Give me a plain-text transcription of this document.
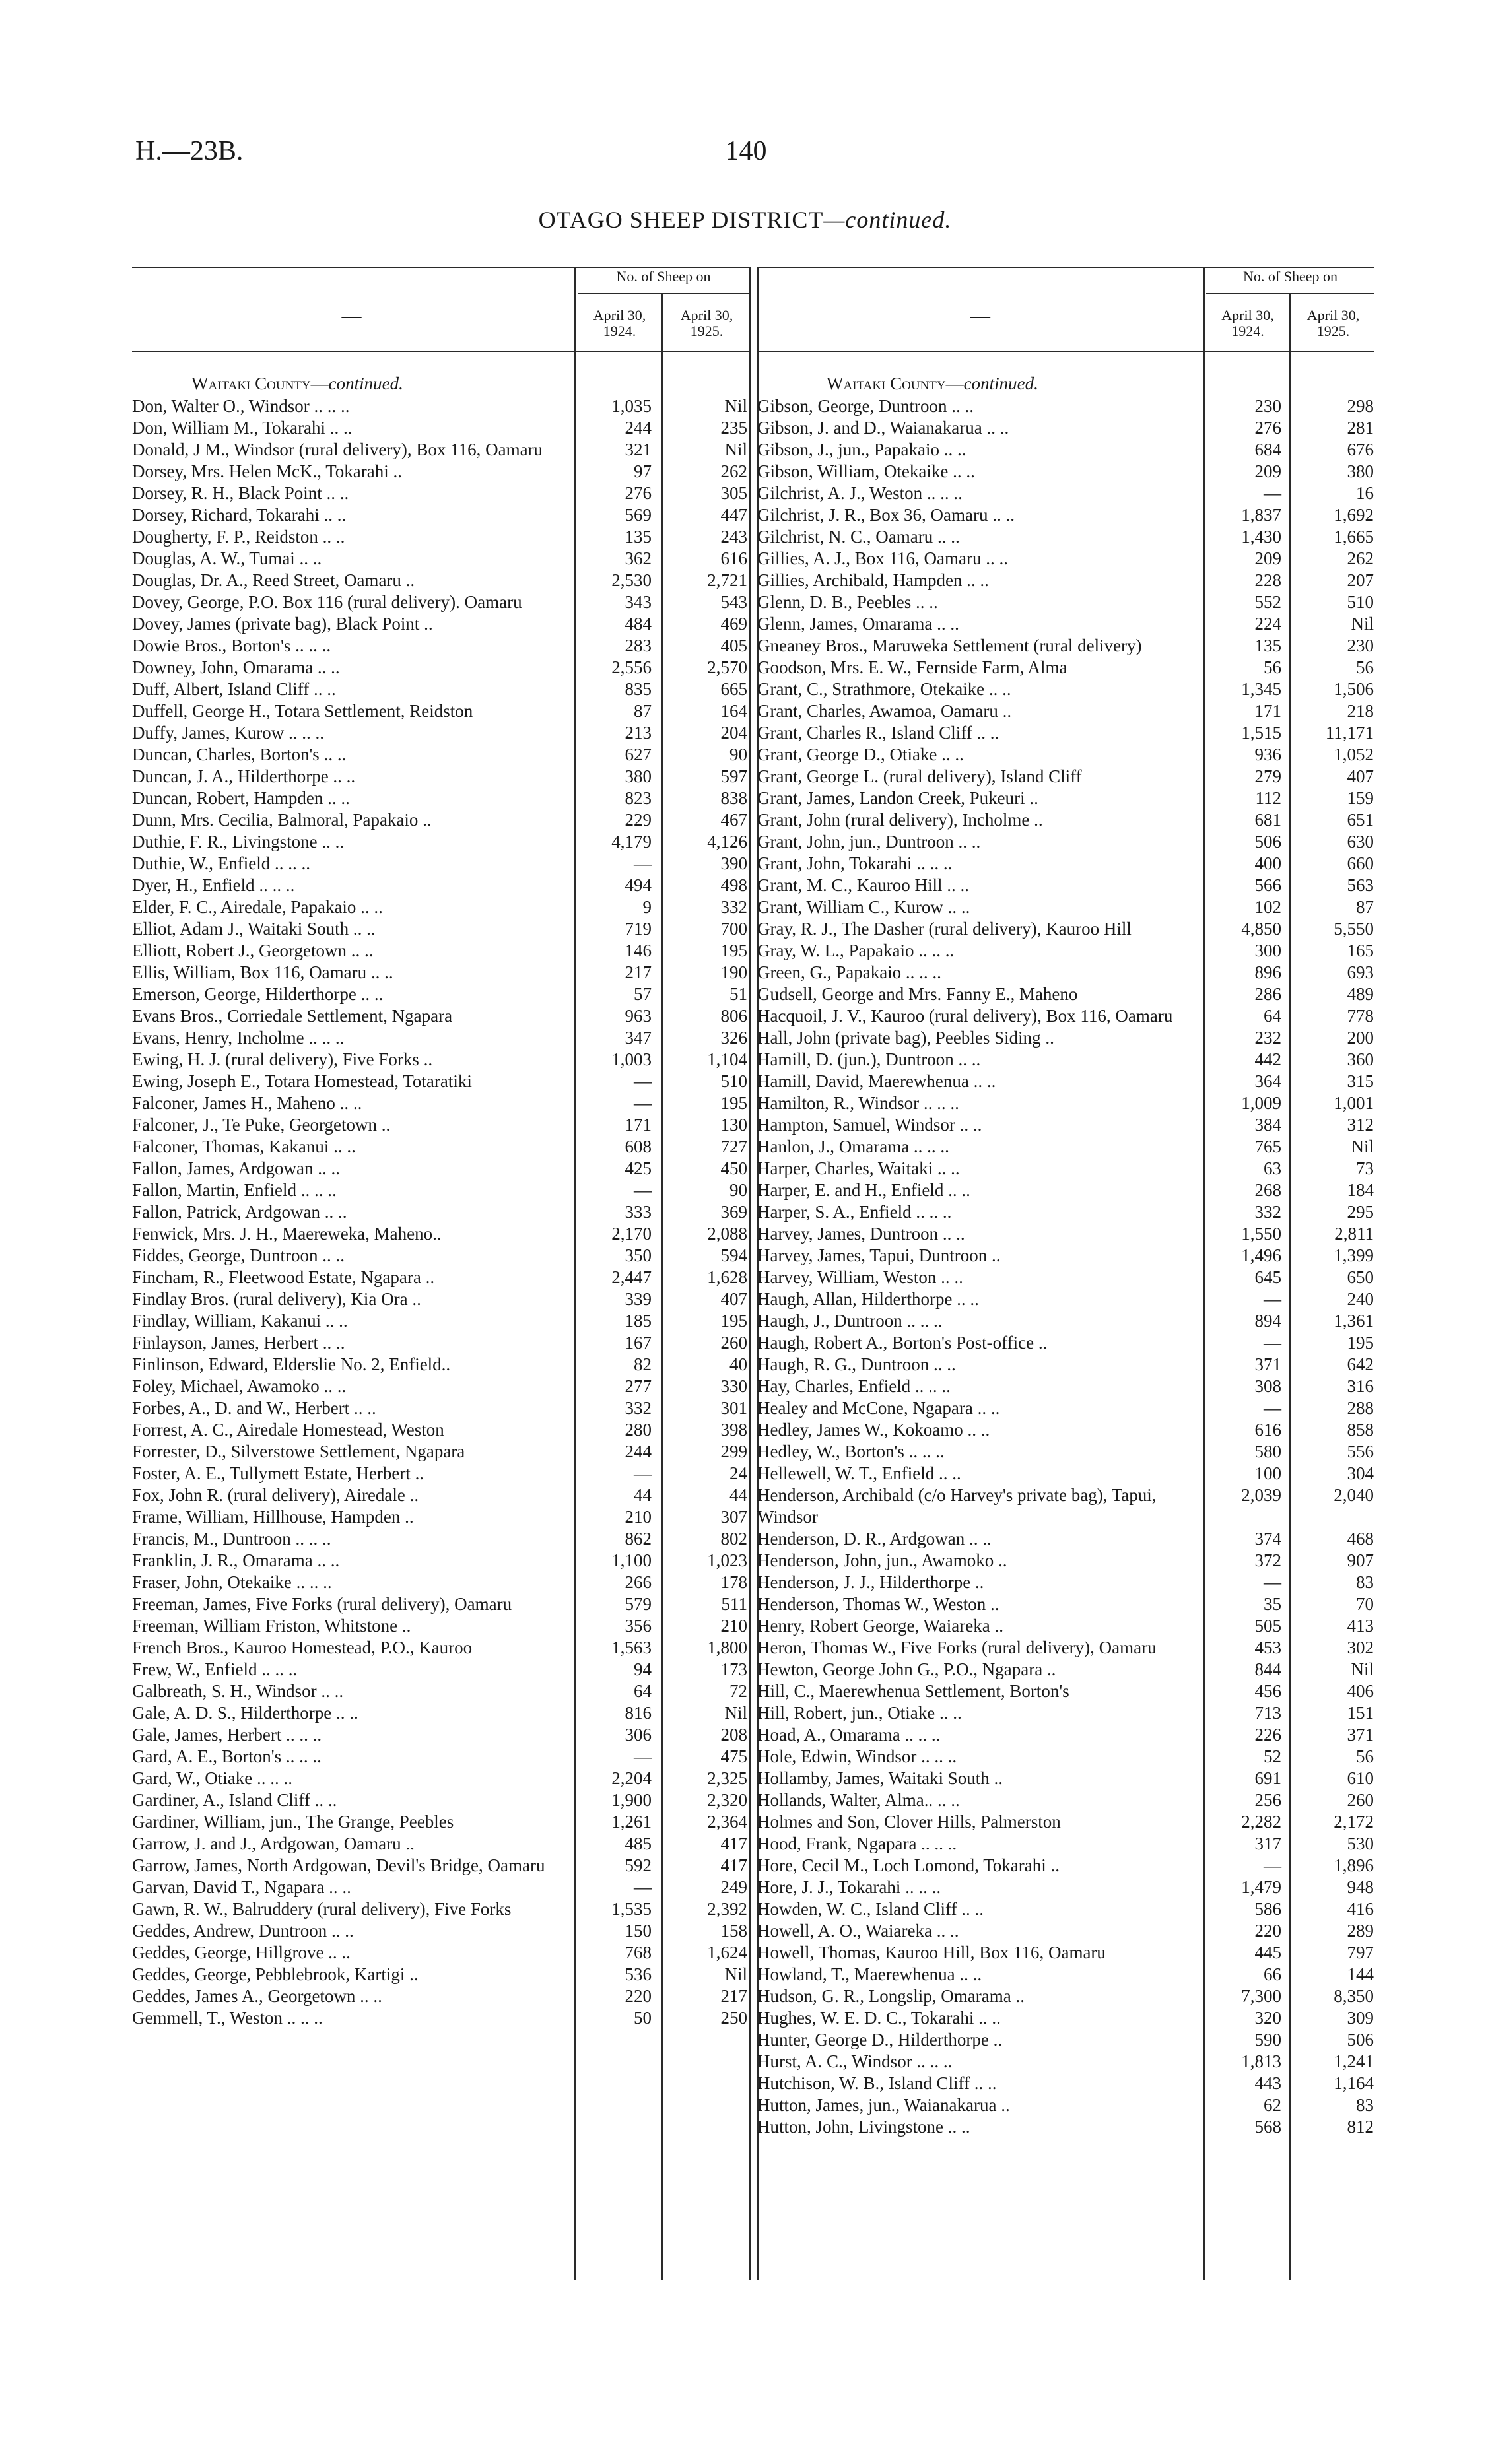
H.—23B.	140
OTAGO SHEEP DISTRICT—continued.
—
No. of Sheep on
April 30, 1924.
April 30, 1925.
Waitaki County—continued.
Don, Walter O., Windsor .. .. ..	1,035	Nil
Don, William M., Tokarahi .. ..	244	235
Donald, J M., Windsor (rural delivery), Box 116, Oamaru	321	Nil
Dorsey, Mrs. Helen McK., Tokarahi ..	97	262
Dorsey, R. H., Black Point .. ..	276	305
Dorsey, Richard, Tokarahi .. ..	569	447
Dougherty, F. P., Reidston .. ..	135	243
Douglas, A. W., Tumai .. ..	362	616
Douglas, Dr. A., Reed Street, Oamaru ..	2,530	2,721
Dovey, George, P.O. Box 116 (rural delivery). Oamaru	343	543
Dovey, James (private bag), Black Point ..	484	469
Dowie Bros., Borton's .. .. ..	283	405
Downey, John, Omarama .. ..	2,556	2,570
Duff, Albert, Island Cliff .. ..	835	665
Duffell, George H., Totara Settlement, Reidston	87	164
Duffy, James, Kurow .. .. ..	213	204
Duncan, Charles, Borton's .. ..	627	90
Duncan, J. A., Hilderthorpe .. ..	380	597
Duncan, Robert, Hampden .. ..	823	838
Dunn, Mrs. Cecilia, Balmoral, Papakaio ..	229	467
Duthie, F. R., Livingstone .. ..	4,179	4,126
Duthie, W., Enfield .. .. ..	—	390
Dyer, H., Enfield .. .. ..	494	498
Elder, F. C., Airedale, Papakaio .. ..	9	332
Elliot, Adam J., Waitaki South .. ..	719	700
Elliott, Robert J., Georgetown .. ..	146	195
Ellis, William, Box 116, Oamaru .. ..	217	190
Emerson, George, Hilderthorpe .. ..	57	51
Evans Bros., Corriedale Settlement, Ngapara	963	806
Evans, Henry, Incholme .. .. ..	347	326
Ewing, H. J. (rural delivery), Five Forks ..	1,003	1,104
Ewing, Joseph E., Totara Homestead, Totaratiki	—	510
Falconer, James H., Maheno .. ..	—	195
Falconer, J., Te Puke, Georgetown ..	171	130
Falconer, Thomas, Kakanui .. ..	608	727
Fallon, James, Ardgowan .. ..	425	450
Fallon, Martin, Enfield .. .. ..	—	90
Fallon, Patrick, Ardgowan .. ..	333	369
Fenwick, Mrs. J. H., Maereweka, Maheno..	2,170	2,088
Fiddes, George, Duntroon .. ..	350	594
Fincham, R., Fleetwood Estate, Ngapara ..	2,447	1,628
Findlay Bros. (rural delivery), Kia Ora ..	339	407
Findlay, William, Kakanui .. ..	185	195
Finlayson, James, Herbert .. ..	167	260
Finlinson, Edward, Elderslie No. 2, Enfield..	82	40
Foley, Michael, Awamoko .. ..	277	330
Forbes, A., D. and W., Herbert .. ..	332	301
Forrest, A. C., Airedale Homestead, Weston	280	398
Forrester, D., Silverstowe Settlement, Ngapara	244	299
Foster, A. E., Tullymett Estate, Herbert ..	—	24
Fox, John R. (rural delivery), Airedale ..	44	44
Frame, William, Hillhouse, Hampden ..	210	307
Francis, M., Duntroon .. .. ..	862	802
Franklin, J. R., Omarama .. ..	1,100	1,023
Fraser, John, Otekaike .. .. ..	266	178
Freeman, James, Five Forks (rural delivery), Oamaru	579	511
Freeman, William Friston, Whitstone ..	356	210
French Bros., Kauroo Homestead, P.O., Kauroo	1,563	1,800
Frew, W., Enfield .. .. ..	94	173
Galbreath, S. H., Windsor .. ..	64	72
Gale, A. D. S., Hilderthorpe .. ..	816	Nil
Gale, James, Herbert .. .. ..	306	208
Gard, A. E., Borton's .. .. ..	—	475
Gard, W., Otiake .. .. ..	2,204	2,325
Gardiner, A., Island Cliff .. ..	1,900	2,320
Gardiner, William, jun., The Grange, Peebles	1,261	2,364
Garrow, J. and J., Ardgowan, Oamaru ..	485	417
Garrow, James, North Ardgowan, Devil's Bridge, Oamaru	592	417
Garvan, David T., Ngapara .. ..	—	249
Gawn, R. W., Balruddery (rural delivery), Five Forks	1,535	2,392
Geddes, Andrew, Duntroon .. ..	150	158
Geddes, George, Hillgrove .. ..	768	1,624
Geddes, George, Pebblebrook, Kartigi ..	536	Nil
Geddes, James A., Georgetown .. ..	220	217
Gemmell, T., Weston .. .. ..	50	250
—
No. of Sheep on
April 30, 1924.
April 30, 1925.
Waitaki County—continued.
Gibson, George, Duntroon .. ..	230	298
Gibson, J. and D., Waianakarua .. ..	276	281
Gibson, J., jun., Papakaio .. ..	684	676
Gibson, William, Otekaike .. ..	209	380
Gilchrist, A. J., Weston .. .. ..	—	16
Gilchrist, J. R., Box 36, Oamaru .. ..	1,837	1,692
Gilchrist, N. C., Oamaru .. ..	1,430	1,665
Gillies, A. J., Box 116, Oamaru .. ..	209	262
Gillies, Archibald, Hampden .. ..	228	207
Glenn, D. B., Peebles .. ..	552	510
Glenn, James, Omarama .. ..	224	Nil
Gneaney Bros., Maruweka Settlement (rural delivery)	135	230
Goodson, Mrs. E. W., Fernside Farm, Alma	56	56
Grant, C., Strathmore, Otekaike .. ..	1,345	1,506
Grant, Charles, Awamoa, Oamaru ..	171	218
Grant, Charles R., Island Cliff .. ..	1,515	11,171
Grant, George D., Otiake .. ..	936	1,052
Grant, George L. (rural delivery), Island Cliff	279	407
Grant, James, Landon Creek, Pukeuri ..	112	159
Grant, John (rural delivery), Incholme ..	681	651
Grant, John, jun., Duntroon .. ..	506	630
Grant, John, Tokarahi .. .. ..	400	660
Grant, M. C., Kauroo Hill .. ..	566	563
Grant, William C., Kurow .. ..	102	87
Gray, R. J., The Dasher (rural delivery), Kauroo Hill	4,850	5,550
Gray, W. L., Papakaio .. .. ..	300	165
Green, G., Papakaio .. .. ..	896	693
Gudsell, George and Mrs. Fanny E., Maheno	286	489
Hacquoil, J. V., Kauroo (rural delivery), Box 116, Oamaru	64	778
Hall, John (private bag), Peebles Siding ..	232	200
Hamill, D. (jun.), Duntroon .. ..	442	360
Hamill, David, Maerewhenua .. ..	364	315
Hamilton, R., Windsor .. .. ..	1,009	1,001
Hampton, Samuel, Windsor .. ..	384	312
Hanlon, J., Omarama .. .. ..	765	Nil
Harper, Charles, Waitaki .. ..	63	73
Harper, E. and H., Enfield .. ..	268	184
Harper, S. A., Enfield .. .. ..	332	295
Harvey, James, Duntroon .. ..	1,550	2,811
Harvey, James, Tapui, Duntroon ..	1,496	1,399
Harvey, William, Weston .. ..	645	650
Haugh, Allan, Hilderthorpe .. ..	—	240
Haugh, J., Duntroon .. .. ..	894	1,361
Haugh, Robert A., Borton's Post-office ..	—	195
Haugh, R. G., Duntroon .. ..	371	642
Hay, Charles, Enfield .. .. ..	308	316
Healey and McCone, Ngapara .. ..	—	288
Hedley, James W., Kokoamo .. ..	616	858
Hedley, W., Borton's .. .. ..	580	556
Hellewell, W. T., Enfield .. ..	100	304
Henderson, Archibald (c/o Harvey's private bag), Tapui, Windsor
2,039	2,040
Henderson, D. R., Ardgowan .. ..	374	468
Henderson, John, jun., Awamoko ..	372	907
Henderson, J. J., Hilderthorpe ..	—	83
Henderson, Thomas W., Weston ..	35	70
Henry, Robert George, Waiareka ..	505	413
Heron, Thomas W., Five Forks (rural delivery), Oamaru	453	302
Hewton, George John G., P.O., Ngapara ..	844	Nil
Hill, C., Maerewhenua Settlement, Borton's	456	406
Hill, Robert, jun., Otiake .. ..	713	151
Hoad, A., Omarama .. .. ..	226	371
Hole, Edwin, Windsor .. .. ..	52	56
Hollamby, James, Waitaki South ..	691	610
Hollands, Walter, Alma.. .. ..	256	260
Holmes and Son, Clover Hills, Palmerston	2,282	2,172
Hood, Frank, Ngapara .. .. ..	317	530
Hore, Cecil M., Loch Lomond, Tokarahi ..	—	1,896
Hore, J. J., Tokarahi .. .. ..	1,479	948
Howden, W. C., Island Cliff .. ..	586	416
Howell, A. O., Waiareka .. ..	220	289
Howell, Thomas, Kauroo Hill, Box 116, Oamaru	445	797
Howland, T., Maerewhenua .. ..	66	144
Hudson, G. R., Longslip, Omarama ..	7,300	8,350
Hughes, W. E. D. C., Tokarahi .. ..	320	309
Hunter, George D., Hilderthorpe ..	590	506
Hurst, A. C., Windsor .. .. ..	1,813	1,241
Hutchison, W. B., Island Cliff .. ..	443	1,164
Hutton, James, jun., Waianakarua ..	62	83
Hutton, John, Livingstone .. ..	568	812
